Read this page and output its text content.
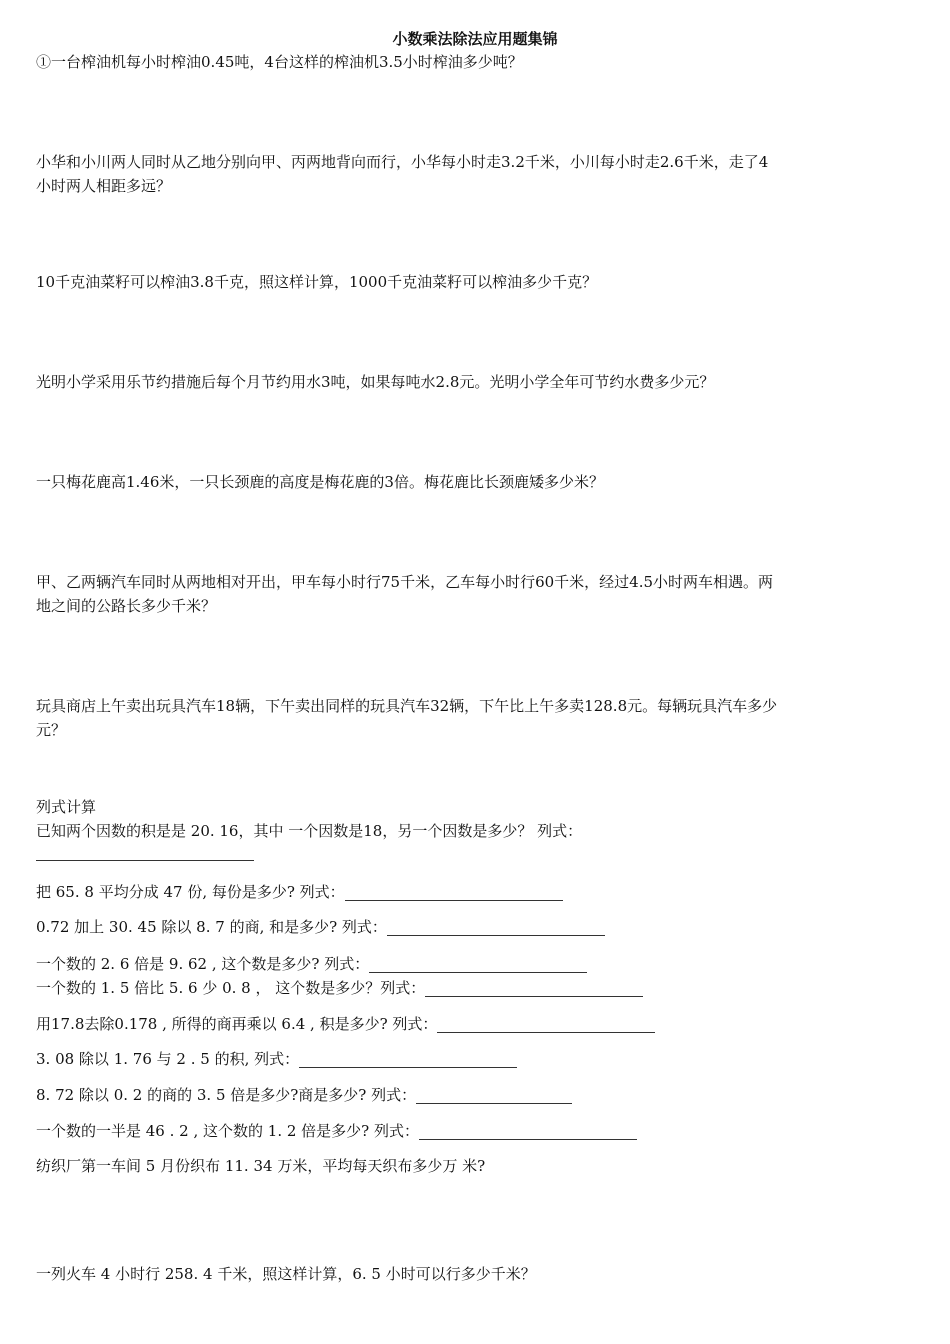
小数乘法除法应用题集锦

①一台榨油机每小时榨油0.45吨，4台这样的榨油机3.5小时榨油多少吨？

小华和小川两人同时从乙地分别向甲、丙两地背向而行，小华每小时走3.2千米，小川每小时走2.6千米，走了4

小时两人相距多远？

10千克油菜籽可以榨油3.8千克，照这样计算，1000千克油菜籽可以榨油多少千克？

光明小学采用乐节约措施后每个月节约用水3吨，如果每吨水2.8元。光明小学全年可节约水费多少元？

一只梅花鹿高1.46米，一只长颈鹿的高度是梅花鹿的3倍。梅花鹿比长颈鹿矮多少米？

甲、乙两辆汽车同时从两地相对开出，甲车每小时行75千米，乙车每小时行60千米，经过4.5小时两车相遇。两

地之间的公路长多少千米？

玩具商店上午卖出玩具汽车18辆，下午卖出同样的玩具汽车32辆，下午比上午多卖128.8元。每辆玩具汽车多少

元？

列式计算

已知两个因数的积是是 20. 16，其中 一个因数是18，另一个因数是多少？ 列式：

把 65. 8 平均分成 47 份, 每份是多少? 列式：

0.72 加上 30. 45 除以 8. 7 的商, 和是多少? 列式：

一个数的 2. 6 倍是 9. 62 , 这个数是多少? 列式：

一个数的 1. 5 倍比 5. 6 少 0. 8 ， 这个数是多少？列式：

用17.8去除0.178 , 所得的商再乘以 6.4 , 积是多少? 列式：

3. 08 除以 1. 76 与 2 . 5 的积, 列式：

8. 72 除以 0. 2 的商的 3. 5 倍是多少?商是多少? 列式：

一个数的一半是 46 . 2 , 这个数的 1. 2 倍是多少? 列式：

纺织厂第一车间 5 月份织布 11. 34 万米，平均每天织布多少万 米?

一列火车 4 小时行 258. 4 千米，照这样计算，6. 5 小时可以行多少千米？
